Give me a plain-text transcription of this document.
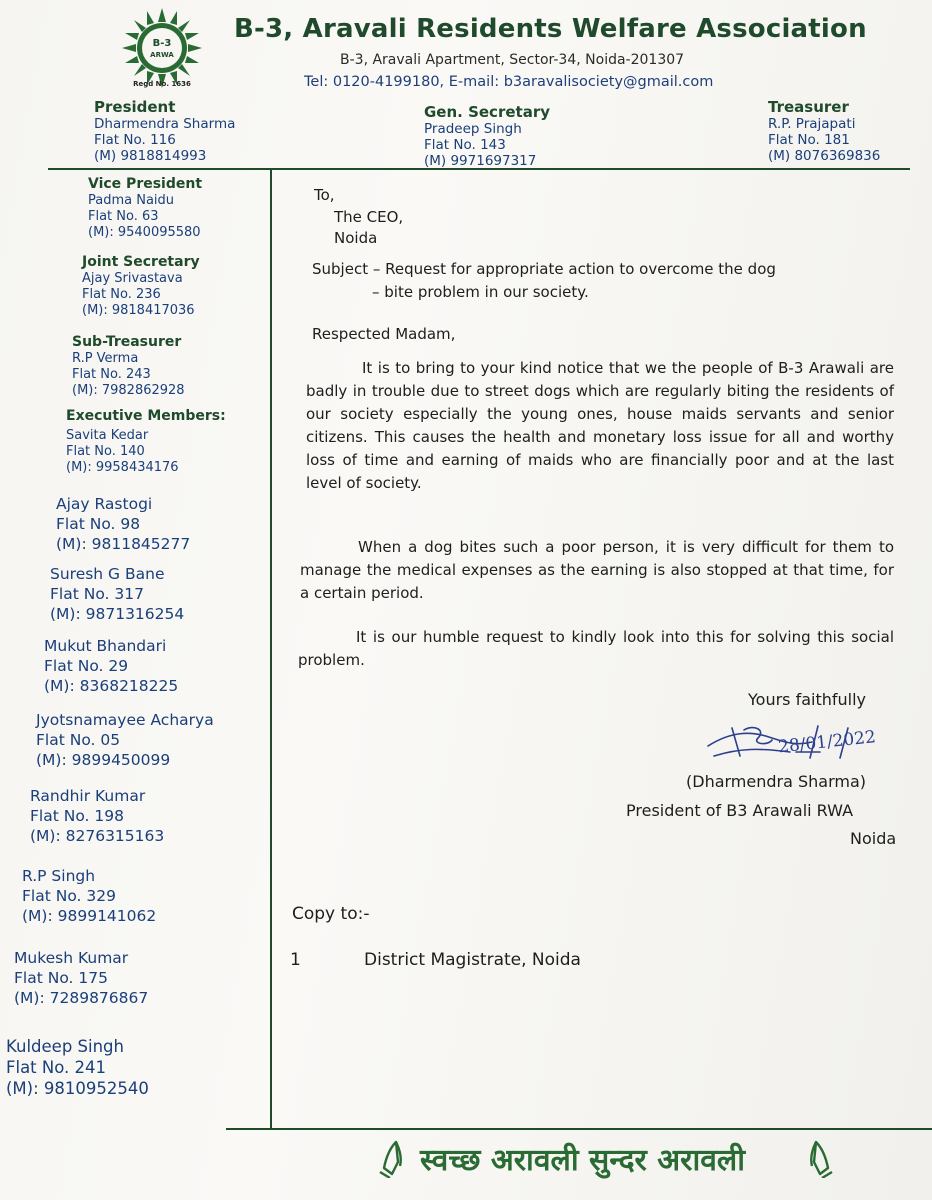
B-3
ARWA
Regd No. 1636
B-3, Aravali Residents Welfare Association
B-3, Aravali Apartment, Sector-34, Noida-201307
Tel: 0120-4199180, E-mail: b3aravalisociety@gmail.com
President
Dharmendra Sharma
Flat No. 116
(M) 9818814993
Gen. Secretary
Pradeep Singh
Flat No. 143
(M) 9971697317
Treasurer
R.P. Prajapati
Flat No. 181
(M) 8076369836
Vice President
Padma Naidu
Flat No. 63
(M): 9540095580
Joint Secretary
Ajay Srivastava
Flat No. 236
(M): 9818417036
Sub-Treasurer
R.P Verma
Flat No. 243
(M): 7982862928
Executive Members:
Savita Kedar
Flat No. 140
(M): 9958434176
Ajay Rastogi
Flat No. 98
(M): 9811845277
Suresh G Bane
Flat No. 317
(M): 9871316254
Mukut Bhandari
Flat No. 29
(M): 8368218225
Jyotsnamayee Acharya
Flat No. 05
(M): 9899450099
Randhir Kumar
Flat No. 198
(M): 8276315163
R.P Singh
Flat No. 329
(M): 9899141062
Mukesh Kumar
Flat No. 175
(M): 7289876867
Kuldeep Singh
Flat No. 241
(M): 9810952540
To,
The CEO,
Noida
Subject – Request for appropriate action to overcome the dog
– bite problem in our society.
Respected Madam,
It is to bring to your kind notice that we the people of B-3 Arawali are badly in trouble due to street dogs which are regularly biting the residents of our society especially the young ones, house maids servants and senior citizens. This causes the health and monetary loss issue for all and worthy loss of time and earning of maids who are financially poor and at the last level of society.
When a dog bites such a poor person, it is very difficult for them to manage the medical expenses as the earning is also stopped at that time, for a certain period.
It is our humble request to kindly look into this for solving this social problem.
Yours faithfully
28/01/2022
(Dharmendra Sharma)
President of B3 Arawali RWA
Noida
Copy to:-
1	District Magistrate, Noida
स्वच्छ अरावली सुन्दर अरावली
